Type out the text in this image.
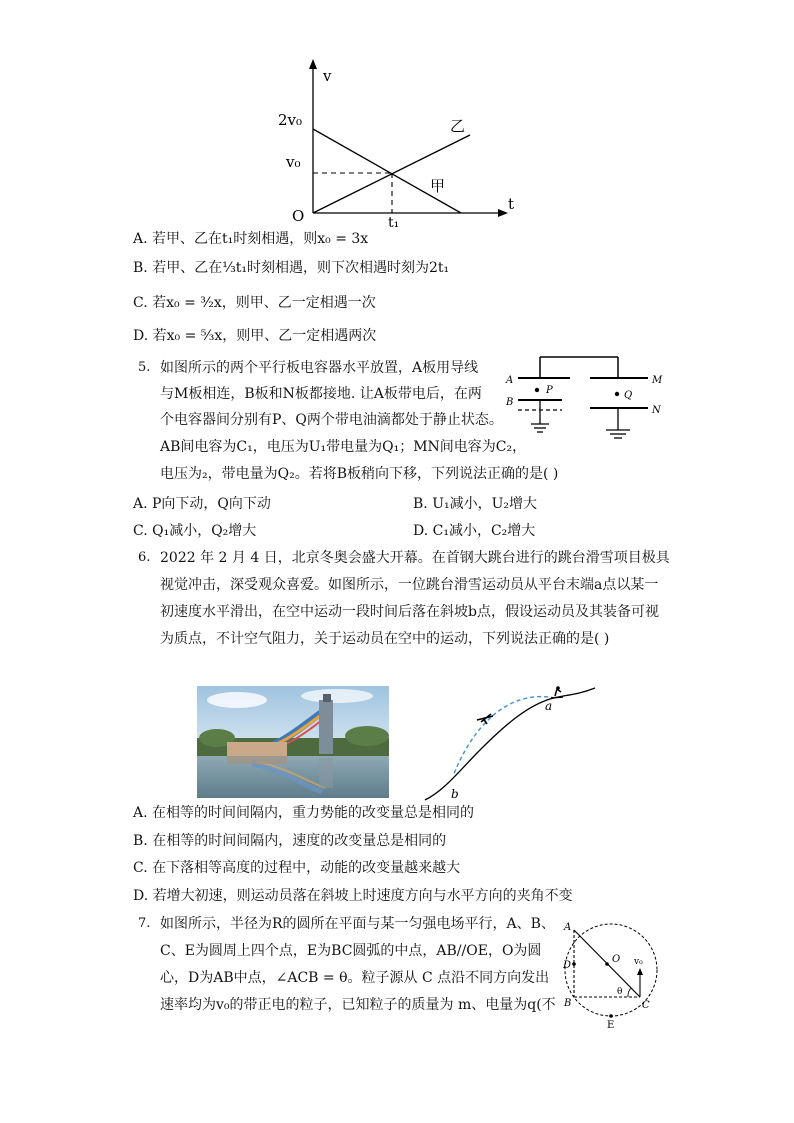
v
t
2v₀
v₀
O	t₁
甲
乙
A. 若甲、乙在t₁时刻相遇，则x₀ = 3x
B. 若甲、乙在⅓t₁时刻相遇，则下次相遇时刻为2t₁
C. 若x₀ = ³⁄₂x，则甲、乙一定相遇一次
D. 若x₀ = ⁵⁄₃x，则甲、乙一定相遇两次
5. 如图所示的两个平行板电容器水平放置，A板用导线
与M板相连，B板和N板都接地. 让A板带电后，在两
个电容器间分别有P、Q两个带电油滴都处于静止状态。
AB间电容为C₁，电压为U₁带电量为Q₁；MN间电容为C₂，
电压为₂，带电量为Q₂。若将B板稍向下移，下列说法正确的是( )
A
B
P	Q
M
N
A. P向下动，Q向下动	B. U₁减小，U₂增大
C. Q₁减小，Q₂增大	D. C₁减小，C₂增大
6. 2022 年 2 月 4 日，北京冬奥会盛大开幕。在首钢大跳台进行的跳台滑雪项目极具
视觉冲击，深受观众喜爱。如图所示，一位跳台滑雪运动员从平台末端a点以某一
初速度水平滑出，在空中运动一段时间后落在斜坡b点，假设运动员及其装备可视
为质点，不计空气阻力，关于运动员在空中的运动，下列说法正确的是( )
a
b
A. 在相等的时间间隔内，重力势能的改变量总是相同的
B. 在相等的时间间隔内，速度的改变量总是相同的
C. 在下落相等高度的过程中，动能的改变量越来越大
D. 若增大初速，则运动员落在斜坡上时速度方向与水平方向的夹角不变
7. 如图所示，半径为R的圆所在平面与某一匀强电场平行，A、B、
C、E为圆周上四个点，E为BC圆弧的中点，AB//OE，O为圆
心，D为AB中点，∠ACB = θ。粒子源从 C 点沿不同方向发出
速率均为v₀的带正电的粒子，已知粒子的质量为 m、电量为q(不
A
B	C
D
E
O
θ
v₀
